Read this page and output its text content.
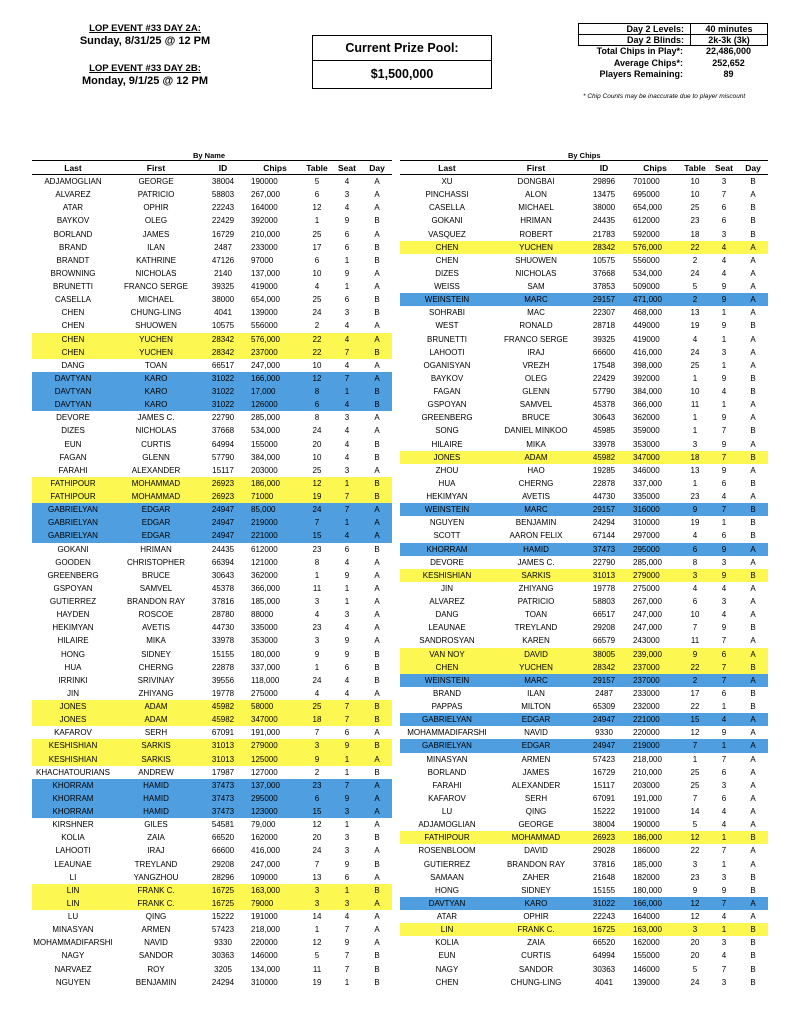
LOP EVENT #33 DAY 2A:
Sunday, 8/31/25 @ 12 PM
LOP EVENT #33 DAY 2B:
Monday, 9/1/25 @ 12 PM
Current Prize Pool:
$1,500,000
Day 2 Levels:	40 minutes
Day 2 Blinds:	2k-3k (3k)
Total Chips in Play*:	22,486,000
Average Chips*:	252,652
Players Remaining:	89
* Chip Counts may be inaccurate due to player miscount
By Name	By Chips
Last	First	ID	Chips	Table	Seat	Day
ADJAMOGLIAN	GEORGE	38004	190000	5	4	A
ALVAREZ	PATRICIO	58803	267,000	6	3	A
ATAR	OPHIR	22243	164000	12	4	A
BAYKOV	OLEG	22429	392000	1	9	B
BORLAND	JAMES	16729	210,000	25	6	A
BRAND	ILAN	2487	233000	17	6	B
BRANDT	KATHRINE	47126	97000	6	1	B
BROWNING	NICHOLAS	2140	137,000	10	9	A
BRUNETTI	FRANCO SERGE	39325	419000	4	1	A
CASELLA	MICHAEL	38000	654,000	25	6	B
CHEN	CHUNG-LING	4041	139000	24	3	B
CHEN	SHUOWEN	10575	556000	2	4	A
CHEN	YUCHEN	28342	576,000	22	4	A
CHEN	YUCHEN	28342	237000	22	7	B
DANG	TOAN	66517	247,000	10	4	A
DAVTYAN	KARO	31022	166,000	12	7	A
DAVTYAN	KARO	31022	17,000	8	1	B
DAVTYAN	KARO	31022	126000	6	4	B
DEVORE	JAMES C.	22790	285,000	8	3	A
DIZES	NICHOLAS	37668	534,000	24	4	A
EUN	CURTIS	64994	155000	20	4	B
FAGAN	GLENN	57790	384,000	10	4	B
FARAHI	ALEXANDER	15117	203000	25	3	A
FATHIPOUR	MOHAMMAD	26923	186,000	12	1	B
FATHIPOUR	MOHAMMAD	26923	71000	19	7	B
GABRIELYAN	EDGAR	24947	85,000	24	7	A
GABRIELYAN	EDGAR	24947	219000	7	1	A
GABRIELYAN	EDGAR	24947	221000	15	4	A
GOKANI	HRIMAN	24435	612000	23	6	B
GOODEN	CHRISTOPHER	66394	121000	8	4	A
GREENBERG	BRUCE	30643	362000	1	9	A
GSPOYAN	SAMVEL	45378	366,000	11	1	A
GUTIERREZ	BRANDON RAY	37816	185,000	3	1	A
HAYDEN	ROSCOE	28780	88000	4	3	A
HEKIMYAN	AVETIS	44730	335000	23	4	A
HILAIRE	MIKA	33978	353000	3	9	A
HONG	SIDNEY	15155	180,000	9	9	B
HUA	CHERNG	22878	337,000	1	6	B
IRRINKI	SRIVINAY	39556	118,000	24	4	B
JIN	ZHIYANG	19778	275000	4	4	A
JONES	ADAM	45982	58000	25	7	B
JONES	ADAM	45982	347000	18	7	B
KAFAROV	SERH	67091	191,000	7	6	A
KESHISHIAN	SARKIS	31013	279000	3	9	B
KESHISHIAN	SARKIS	31013	125000	9	1	A
KHACHATOURIANS	ANDREW	17987	127000	2	1	B
KHORRAM	HAMID	37473	137,000	23	7	A
KHORRAM	HAMID	37473	295000	6	9	A
KHORRAM	HAMID	37473	123000	15	3	A
KIRSHNER	GILES	54581	79,000	12	1	A
KOLIA	ZAIA	66520	162000	20	3	B
LAHOOTI	IRAJ	66600	416,000	24	3	A
LEAUNAE	TREYLAND	29208	247,000	7	9	B
LI	YANGZHOU	28296	109000	13	6	A
LIN	FRANK C.	16725	163,000	3	1	B
LIN	FRANK C.	16725	79000	3	3	A
LU	QING	15222	191000	14	4	A
MINASYAN	ARMEN	57423	218,000	1	7	A
MOHAMMADIFARSHI	NAVID	9330	220000	12	9	A
NAGY	SANDOR	30363	146000	5	7	B
NARVAEZ	ROY	3205	134,000	11	7	B
NGUYEN	BENJAMIN	24294	310000	19	1	B
Last	First	ID	Chips	Table	Seat	Day
XU	DONGBAI	29896	701000	10	3	B
PINCHASSI	ALON	13475	695000	10	7	A
CASELLA	MICHAEL	38000	654,000	25	6	B
GOKANI	HRIMAN	24435	612000	23	6	B
VASQUEZ	ROBERT	21783	592000	18	3	B
CHEN	YUCHEN	28342	576,000	22	4	A
CHEN	SHUOWEN	10575	556000	2	4	A
DIZES	NICHOLAS	37668	534,000	24	4	A
WEISS	SAM	37853	509000	5	9	A
WEINSTEIN	MARC	29157	471,000	2	9	A
SOHRABI	MAC	22307	468,000	13	1	A
WEST	RONALD	28718	449000	19	9	B
BRUNETTI	FRANCO SERGE	39325	419000	4	1	A
LAHOOTI	IRAJ	66600	416,000	24	3	A
OGANISYAN	VREZH	17548	398,000	25	1	A
BAYKOV	OLEG	22429	392000	1	9	B
FAGAN	GLENN	57790	384,000	10	4	B
GSPOYAN	SAMVEL	45378	366,000	11	1	A
GREENBERG	BRUCE	30643	362000	1	9	A
SONG	DANIEL MINKOO	45985	359000	1	7	B
HILAIRE	MIKA	33978	353000	3	9	A
JONES	ADAM	45982	347000	18	7	B
ZHOU	HAO	19285	346000	13	9	A
HUA	CHERNG	22878	337,000	1	6	B
HEKIMYAN	AVETIS	44730	335000	23	4	A
WEINSTEIN	MARC	29157	316000	9	7	B
NGUYEN	BENJAMIN	24294	310000	19	1	B
SCOTT	AARON FELIX	67144	297000	4	6	B
KHORRAM	HAMID	37473	295000	6	9	A
DEVORE	JAMES C.	22790	285,000	8	3	A
KESHISHIAN	SARKIS	31013	279000	3	9	B
JIN	ZHIYANG	19778	275000	4	4	A
ALVAREZ	PATRICIO	58803	267,000	6	3	A
DANG	TOAN	66517	247,000	10	4	A
LEAUNAE	TREYLAND	29208	247,000	7	9	B
SANDROSYAN	KAREN	66579	243000	11	7	A
VAN NOY	DAVID	38005	239,000	9	6	A
CHEN	YUCHEN	28342	237000	22	7	B
WEINSTEIN	MARC	29157	237000	2	7	A
BRAND	ILAN	2487	233000	17	6	B
PAPPAS	MILTON	65309	232000	22	1	B
GABRIELYAN	EDGAR	24947	221000	15	4	A
MOHAMMADIFARSHI	NAVID	9330	220000	12	9	A
GABRIELYAN	EDGAR	24947	219000	7	1	A
MINASYAN	ARMEN	57423	218,000	1	7	A
BORLAND	JAMES	16729	210,000	25	6	A
FARAHI	ALEXANDER	15117	203000	25	3	A
KAFAROV	SERH	67091	191,000	7	6	A
LU	QING	15222	191000	14	4	A
ADJAMOGLIAN	GEORGE	38004	190000	5	4	A
FATHIPOUR	MOHAMMAD	26923	186,000	12	1	B
ROSENBLOOM	DAVID	29028	186000	22	7	A
GUTIERREZ	BRANDON RAY	37816	185,000	3	1	A
SAMAAN	ZAHER	21648	182000	23	3	B
HONG	SIDNEY	15155	180,000	9	9	B
DAVTYAN	KARO	31022	166,000	12	7	A
ATAR	OPHIR	22243	164000	12	4	A
LIN	FRANK C.	16725	163,000	3	1	B
KOLIA	ZAIA	66520	162000	20	3	B
EUN	CURTIS	64994	155000	20	4	B
NAGY	SANDOR	30363	146000	5	7	B
CHEN	CHUNG-LING	4041	139000	24	3	B
